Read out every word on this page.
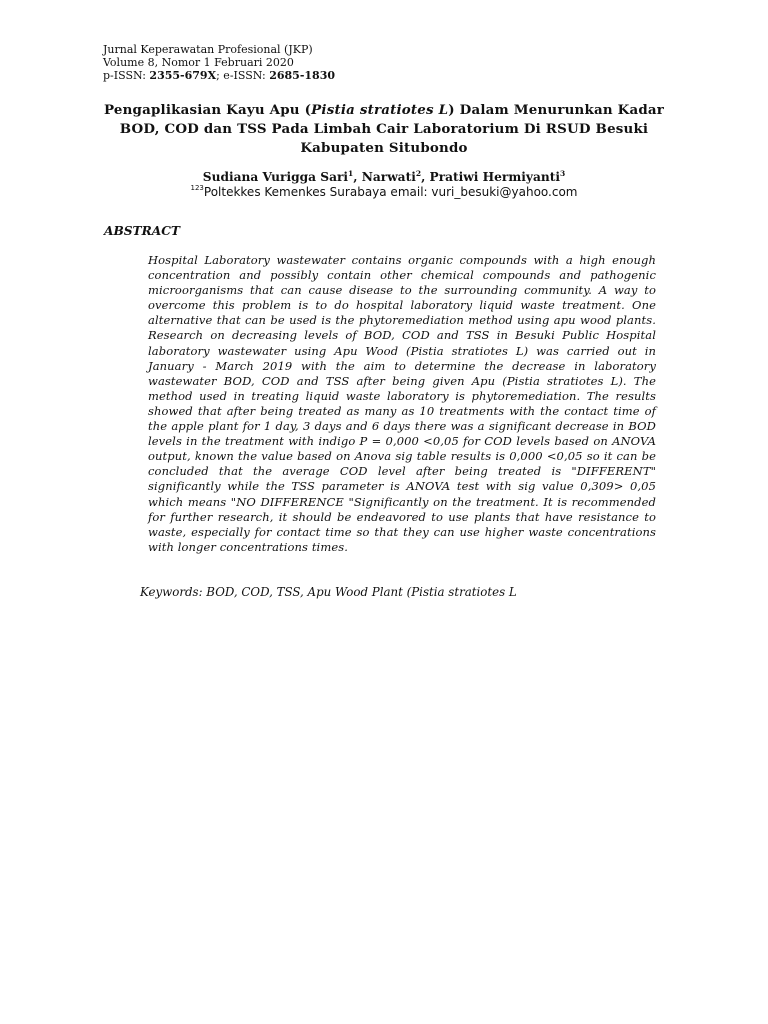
Jurnal Keperawatan Profesional (JKP)
Volume 8, Nomor 1 Februari 2020
p-ISSN: 2355-679X; e-ISSN: 2685-1830
Pengaplikasian Kayu Apu (Pistia stratiotes L) Dalam Menurunkan Kadar BOD, COD dan TSS Pada Limbah Cair Laboratorium Di RSUD Besuki Kabupaten Situbondo
Sudiana Vurigga Sari$^1$, Narwati$^2$, Pratiwi Hermiyanti$^3$
$^{123}$Poltekkes Kemenkes Surabaya email: vuri_besuki@yahoo.com
ABSTRACT

Hospital Laboratory wastewater contains organic compounds with a high enough concentration and possibly contain other chemical compounds and pathogenic microorganisms that can cause disease to the surrounding community. A way to overcome this problem is to do hospital laboratory liquid waste treatment. One alternative that can be used is the phytoremediation method using apu wood plants. Research on decreasing levels of BOD, COD and TSS in Besuki Public Hospital laboratory wastewater using Apu Wood (Pistia stratiotes L) was carried out in January - March 2019 with the aim to determine the decrease in laboratory wastewater BOD, COD and TSS after being given Apu (Pistia stratiotes L). The method used in treating liquid waste laboratory is phytoremediation. The results showed that after being treated as many as 10 treatments with the contact time of the apple plant for 1 day, 3 days and 6 days there was a significant decrease in BOD levels in the treatment with indigo P = 0,000 <0,05 for COD levels based on ANOVA output, known the value based on Anova sig table results is 0,000 <0,05 so it can be concluded that the average COD level after being treated is "DIFFERENT" significantly while the TSS parameter is ANOVA test with sig value 0,309> 0,05 which means "NO DIFFERENCE "Significantly on the treatment. It is recommended for further research, it should be endeavored to use plants that have resistance to waste, especially for contact time so that they can use higher waste concentrations with longer concentrations times.

Keywords: BOD, COD, TSS, Apu Wood Plant (Pistia stratiotes L
